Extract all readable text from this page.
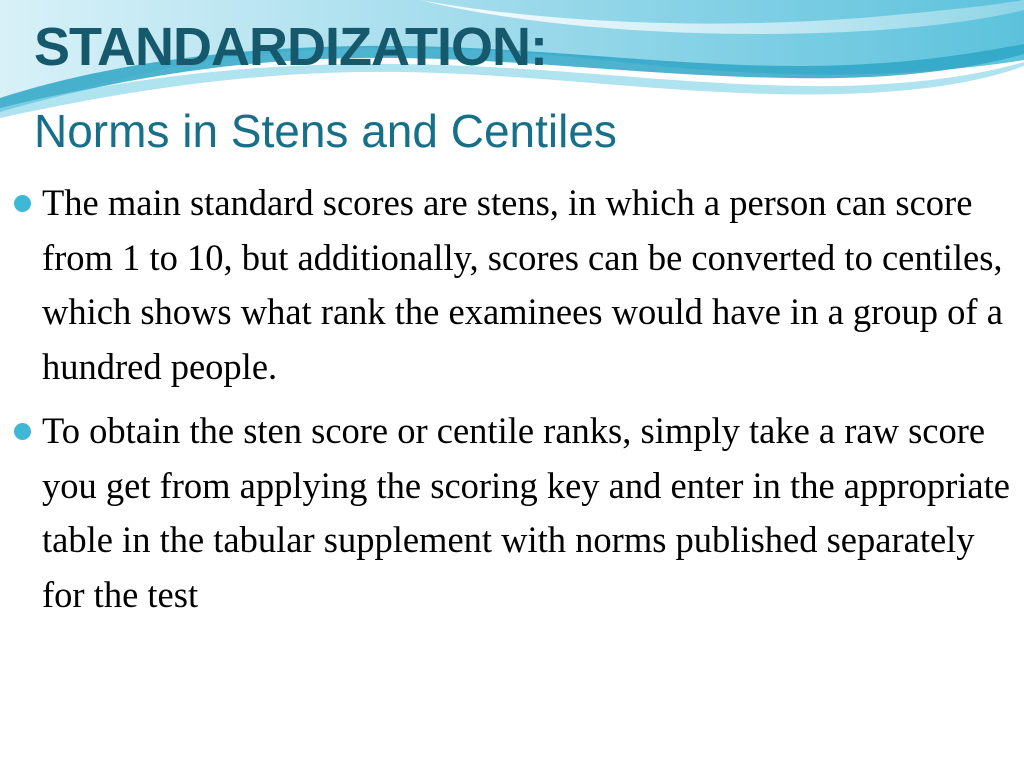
STANDARDIZATION:
Norms in Stens and Centiles
The main standard scores are stens, in which a person can score from 1 to 10, but additionally, scores can be converted to centiles, which shows what rank the examinees would have in a group of a hundred people.
To obtain the sten score or centile ranks, simply take a raw score you get from applying the scoring key and enter in the appropriate table in the tabular supplement with norms published separately for the test
